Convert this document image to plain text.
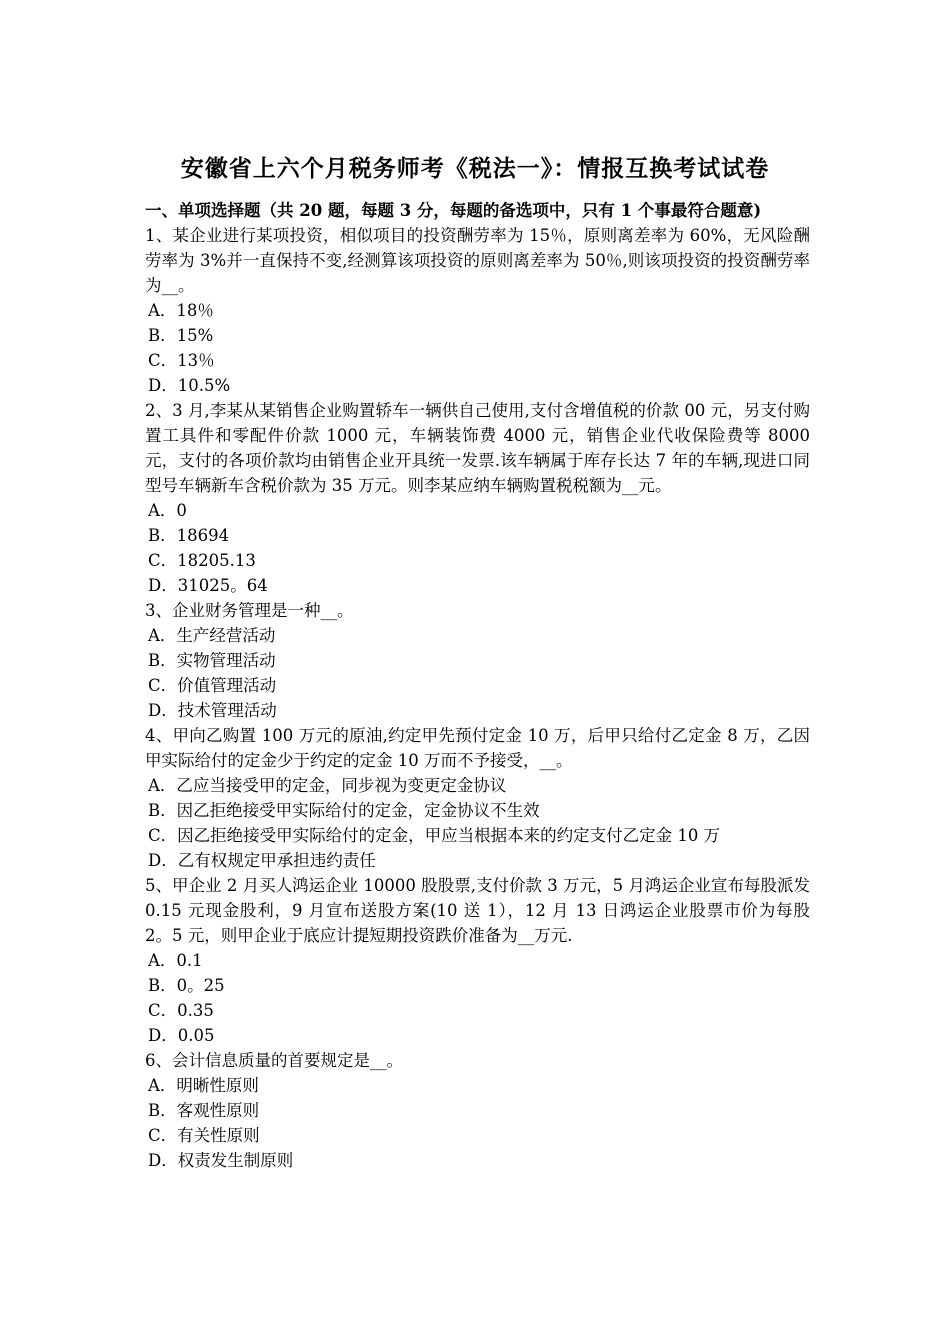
安徽省上六个月税务师考《税法一》：情报互换考试试卷

一、单项选择题（共 20 题，每题 3 分，每题的备选项中，只有 1 个事最符合题意)

1、某企业进行某项投资，相似项目的投资酬劳率为 15％，原则离差率为 60%，无风险酬劳率为 3%并一直保持不变,经测算该项投资的原则离差率为 50％,则该项投资的投资酬劳率为__。

A．18％

B．15%

C．13％

D．10.5%

2、3 月,李某从某销售企业购置轿车一辆供自己使用,支付含增值税的价款 00 元，另支付购置工具件和零配件价款 1000 元，车辆装饰费 4000 元，销售企业代收保险费等 8000 元，支付的各项价款均由销售企业开具统一发票.该车辆属于库存长达 7 年的车辆,现进口同型号车辆新车含税价款为 35 万元。则李某应纳车辆购置税税额为__元。

A．0

B．18694

C．18205.13

D．31025。64

3、企业财务管理是一种__。

A．生产经营活动

B．实物管理活动

C．价值管理活动

D．技术管理活动

4、甲向乙购置 100 万元的原油,约定甲先预付定金 10 万，后甲只给付乙定金 8 万，乙因甲实际给付的定金少于约定的定金 10 万而不予接受，__。

A．乙应当接受甲的定金，同步视为变更定金协议

B．因乙拒绝接受甲实际给付的定金，定金协议不生效

C．因乙拒绝接受甲实际给付的定金，甲应当根据本来的约定支付乙定金 10 万

D．乙有权规定甲承担违约责任

5、甲企业 2 月买人鸿运企业 10000 股股票,支付价款 3 万元，5 月鸿运企业宣布每股派发 0.15 元现金股利，9 月宣布送股方案(10 送 1），12 月 13 日鸿运企业股票市价为每股 2。5 元，则甲企业于底应计提短期投资跌价准备为__万元.

A．0.1

B．0。25

C．0.35

D．0.05

6、会计信息质量的首要规定是__。

A．明晰性原则

B．客观性原则

C．有关性原则

D．权责发生制原则
